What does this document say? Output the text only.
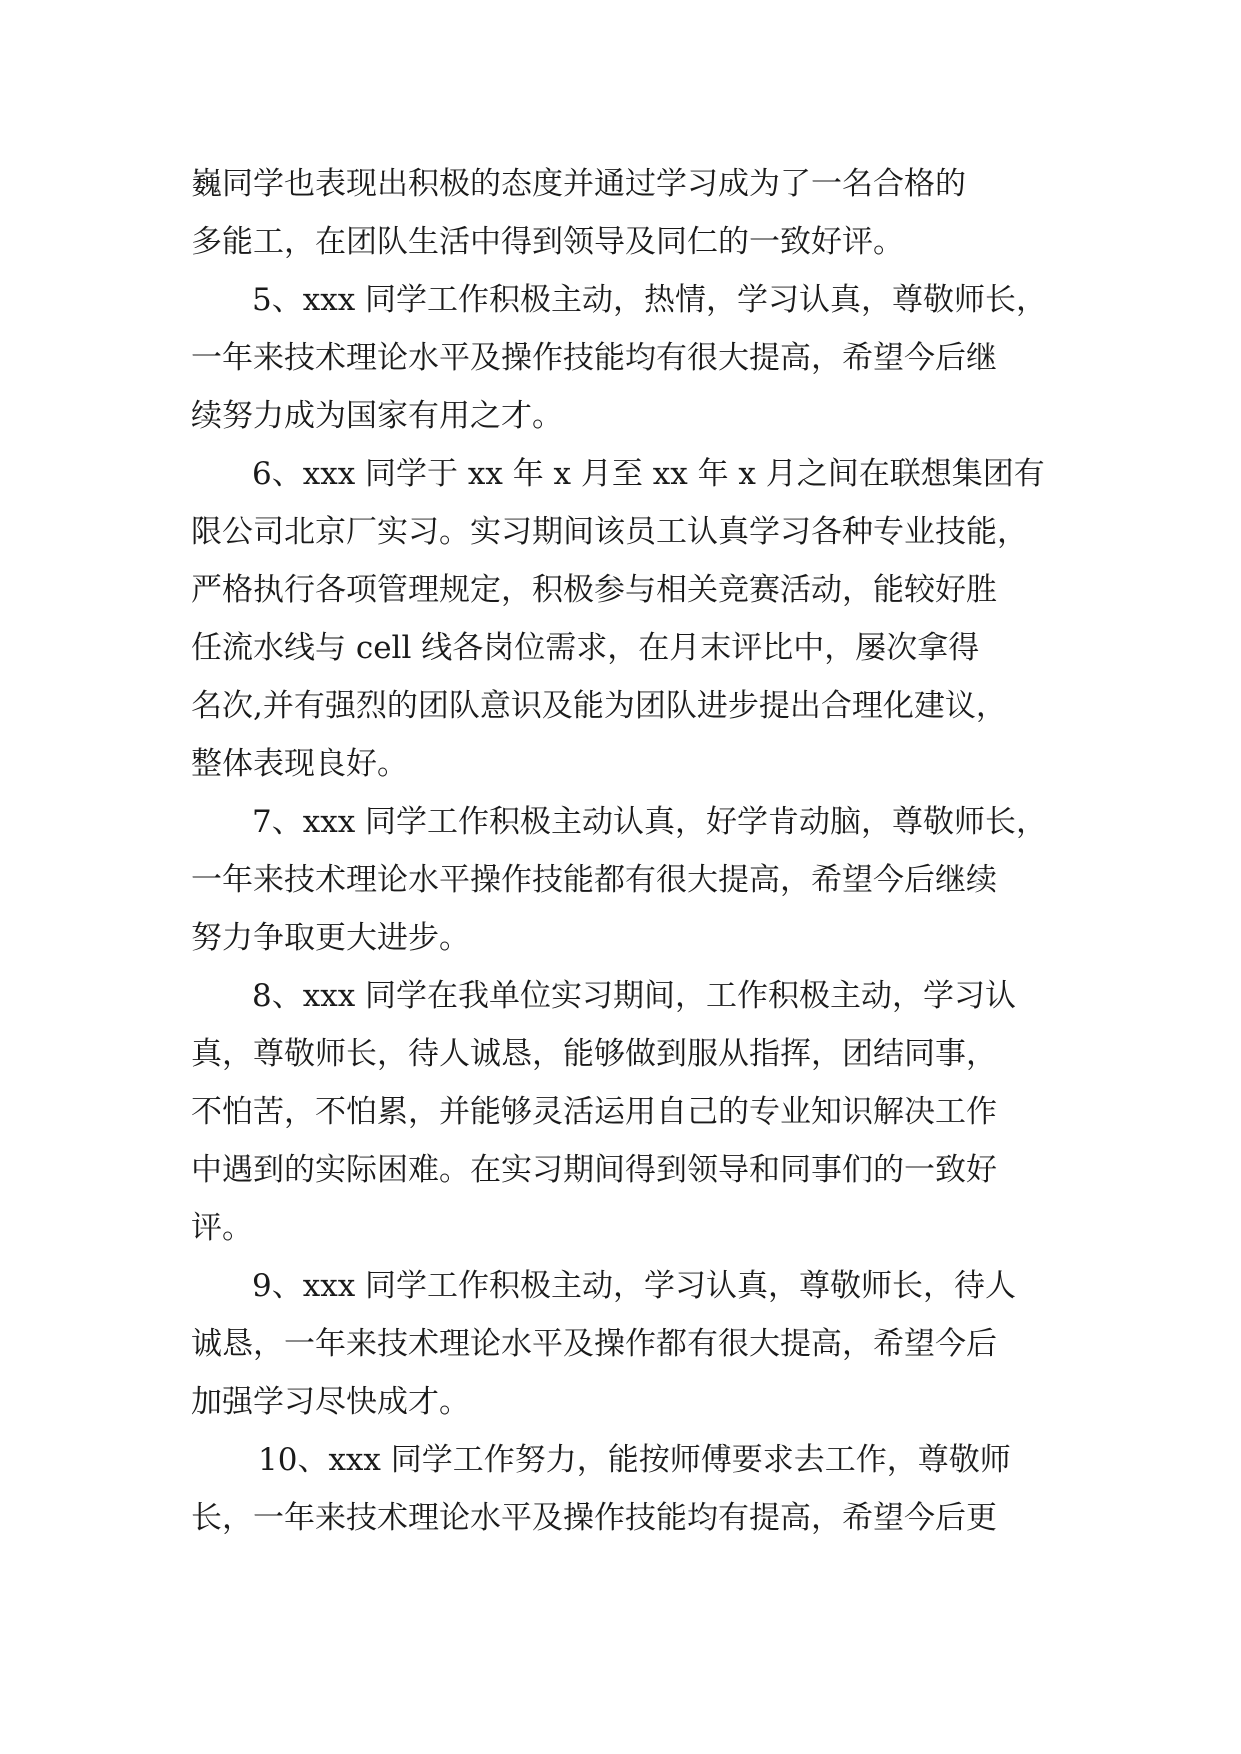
巍同学也表现出积极的态度并通过学习成为了一名合格的
多能工，在团队生活中得到领导及同仁的一致好评。
5、xxx 同学工作积极主动，热情，学习认真，尊敬师长，
一年来技术理论水平及操作技能均有很大提高，希望今后继
续努力成为国家有用之才。
6、xxx 同学于 xx 年 x 月至 xx 年 x 月之间在联想集团有
限公司北京厂实习。实习期间该员工认真学习各种专业技能，
严格执行各项管理规定，积极参与相关竞赛活动，能较好胜
任流水线与 cell 线各岗位需求，在月末评比中，屡次拿得
名次,并有强烈的团队意识及能为团队进步提出合理化建议，
整体表现良好。
7、xxx 同学工作积极主动认真，好学肯动脑，尊敬师长，
一年来技术理论水平操作技能都有很大提高，希望今后继续
努力争取更大进步。
8、xxx 同学在我单位实习期间，工作积极主动，学习认
真，尊敬师长，待人诚恳，能够做到服从指挥，团结同事，
不怕苦，不怕累，并能够灵活运用自己的专业知识解决工作
中遇到的实际困难。在实习期间得到领导和同事们的一致好
评。
9、xxx 同学工作积极主动，学习认真，尊敬师长，待人
诚恳，一年来技术理论水平及操作都有很大提高，希望今后
加强学习尽快成才。
10、xxx 同学工作努力，能按师傅要求去工作，尊敬师
长，一年来技术理论水平及操作技能均有提高，希望今后更
